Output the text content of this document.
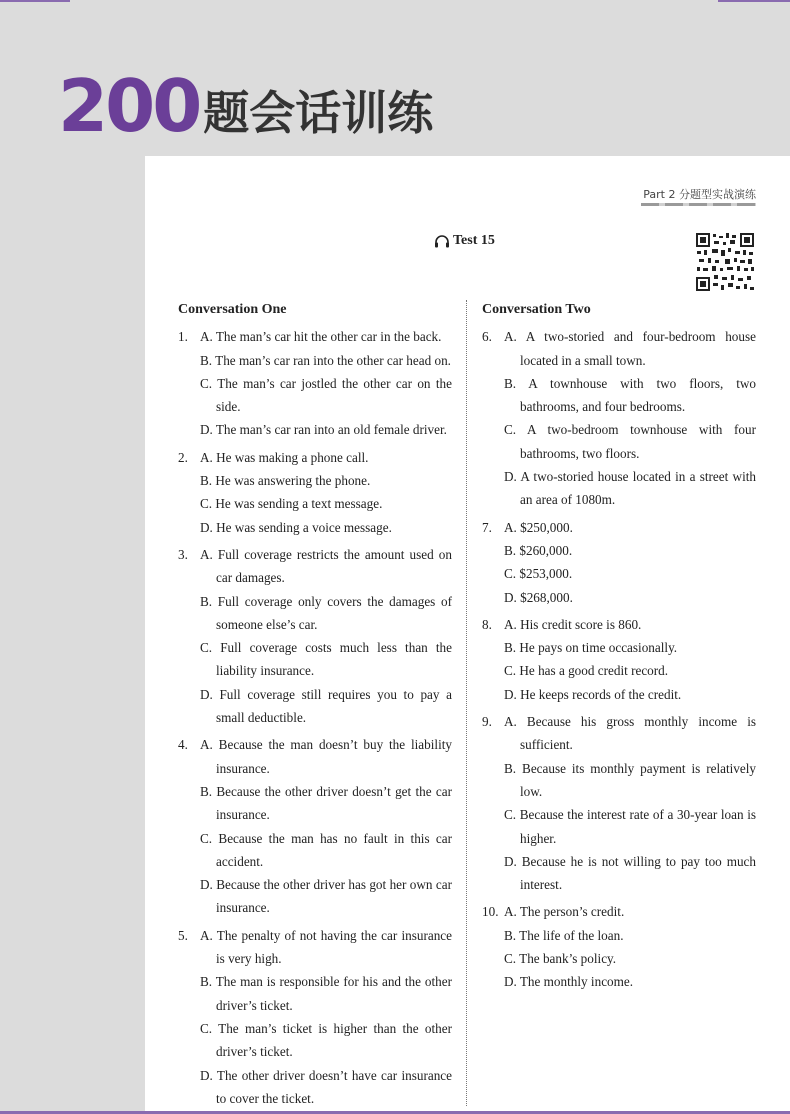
200 题会话训练
Part 2 分题型实战演练
Test 15
Conversation One
1. A. The man’s car hit the other car in the back.
B. The man’s car ran into the other car head on.
C. The man’s car jostled the other car on the side.
D. The man’s car ran into an old female driver.
2. A. He was making a phone call.
B. He was answering the phone.
C. He was sending a text message.
D. He was sending a voice message.
3. A. Full coverage restricts the amount used on car damages.
B. Full coverage only covers the damages of someone else’s car.
C. Full coverage costs much less than the liability insurance.
D. Full coverage still requires you to pay a small deductible.
4. A. Because the man doesn’t buy the liability insurance.
B. Because the other driver doesn’t get the car insurance.
C. Because the man has no fault in this car accident.
D. Because the other driver has got her own car insurance.
5. A. The penalty of not having the car insurance is very high.
B. The man is responsible for his and the other driver’s ticket.
C. The man’s ticket is higher than the other driver’s ticket.
D. The other driver doesn’t have car insurance to cover the ticket.
Conversation Two
6. A. A two-storied and four-bedroom house located in a small town.
B. A townhouse with two floors, two bathrooms, and four bedrooms.
C. A two-bedroom townhouse with four bathrooms, two floors.
D. A two-storied house located in a street with an area of 1080m.
7. A. $250,000.
B. $260,000.
C. $253,000.
D. $268,000.
8. A. His credit score is 860.
B. He pays on time occasionally.
C. He has a good credit record.
D. He keeps records of the credit.
9. A. Because his gross monthly income is sufficient.
B. Because its monthly payment is relatively low.
C. Because the interest rate of a 30-year loan is higher.
D. Because he is not willing to pay too much interest.
10. A. The person’s credit.
B. The life of the loan.
C. The bank’s policy.
D. The monthly income.
